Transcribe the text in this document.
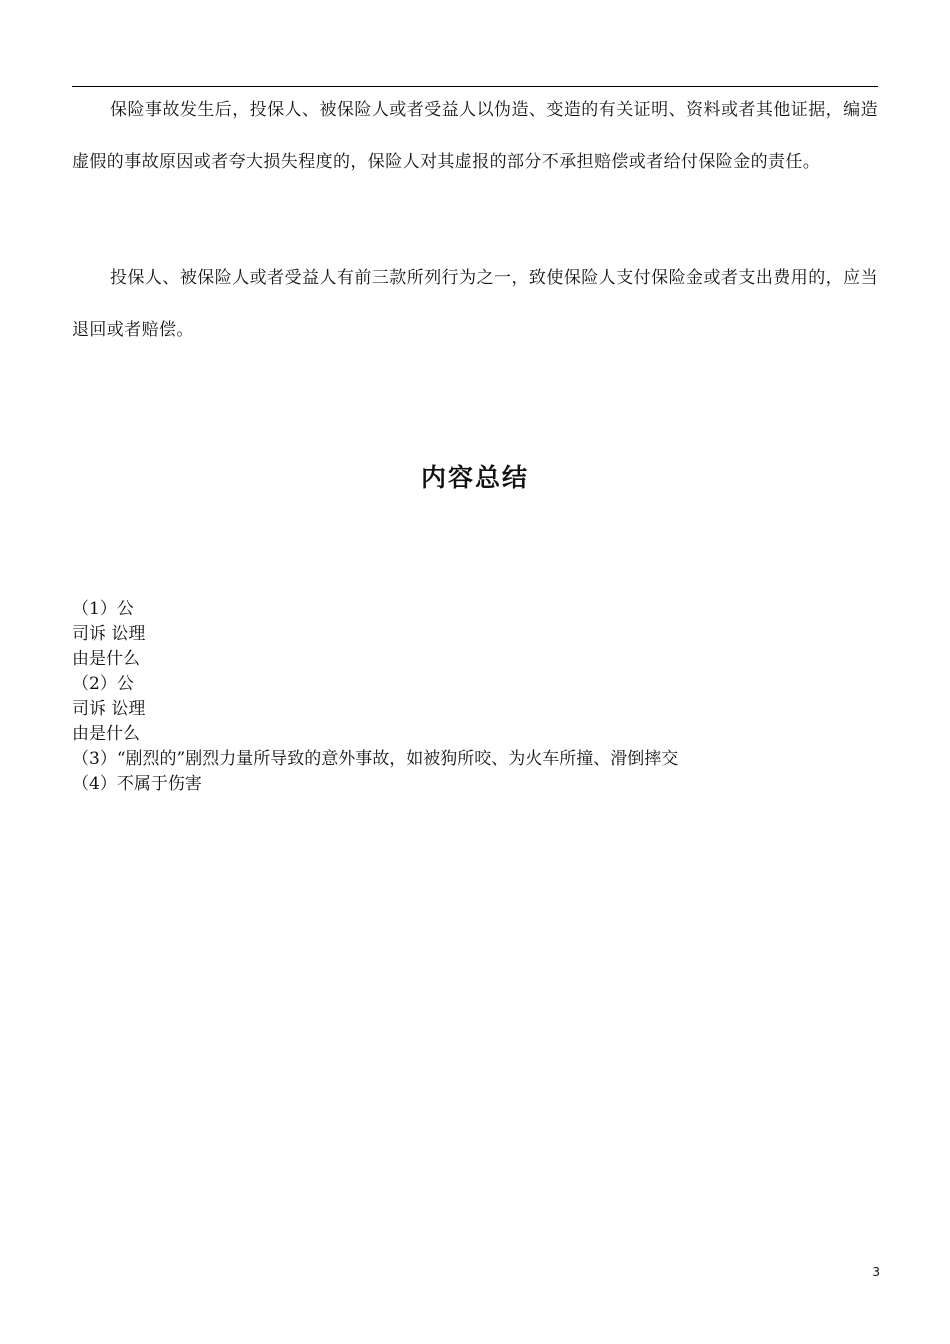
保险事故发生后，投保人、被保险人或者受益人以伪造、变造的有关证明、资料或者其他证据，编造虚假的事故原因或者夸大损失程度的，保险人对其虚报的部分不承担赔偿或者给付保险金的责任。

投保人、被保险人或者受益人有前三款所列行为之一，致使保险人支付保险金或者支出费用的，应当退回或者赔偿。

内容总结
（1）公司诉 讼理由是什么
（2）公司诉 讼理由是什么
（3）“剧烈的”剧烈力量所导致的意外事故，如被狗所咬、为火车所撞、滑倒摔交
（4）不属于伤害
3
